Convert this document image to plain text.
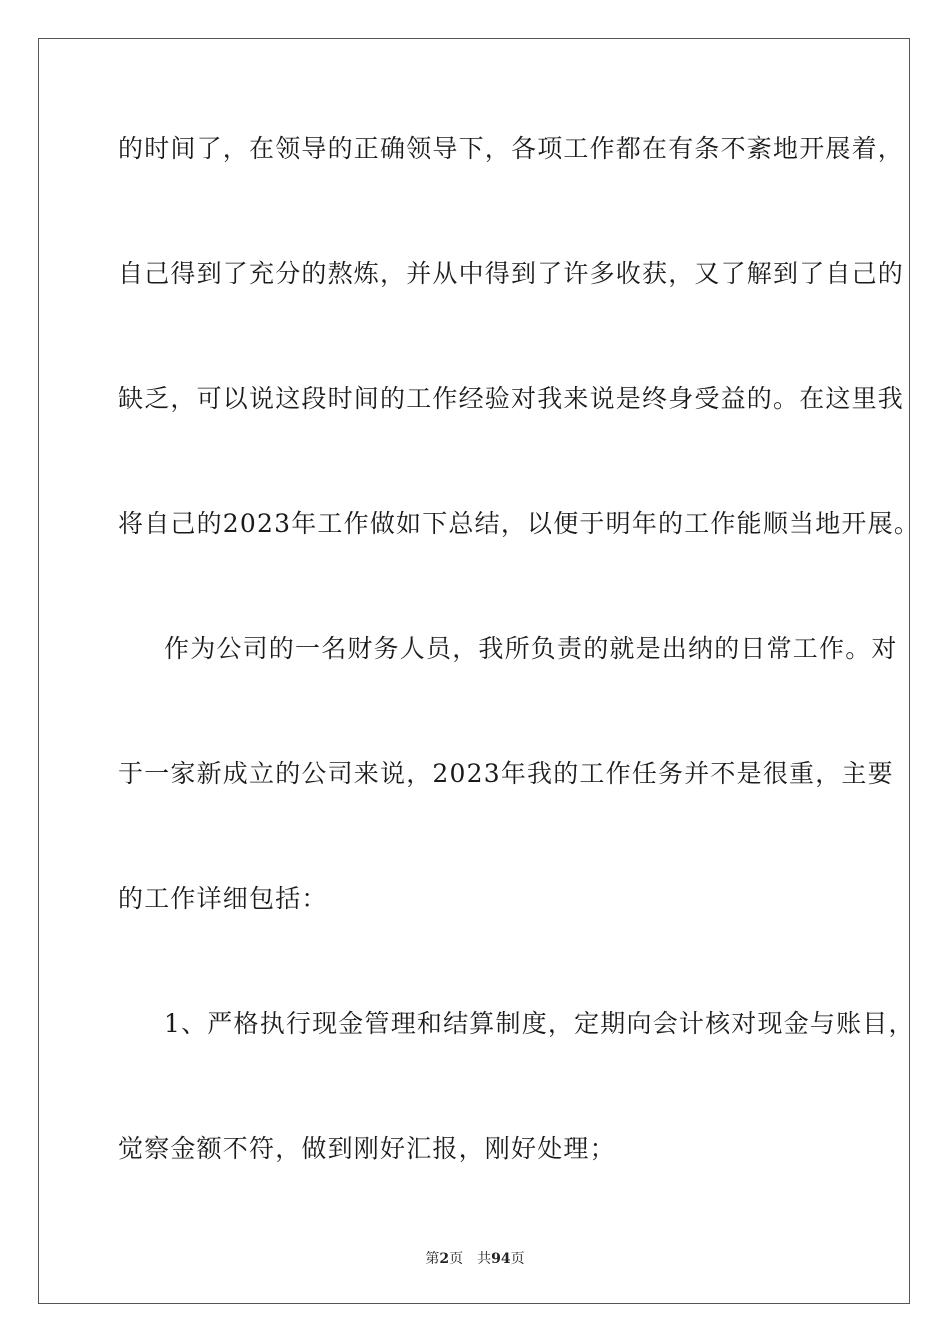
的时间了，在领导的正确领导下，各项工作都在有条不紊地开展着，
自己得到了充分的熬炼，并从中得到了许多收获，又了解到了自己的
缺乏，可以说这段时间的工作经验对我来说是终身受益的。在这里我
将自己的2023年工作做如下总结，以便于明年的工作能顺当地开展。
作为公司的一名财务人员，我所负责的就是出纳的日常工作。对
于一家新成立的公司来说，2023年我的工作任务并不是很重，主要
的工作详细包括：
1、严格执行现金管理和结算制度，定期向会计核对现金与账目，
觉察金额不符，做到刚好汇报，刚好处理；
第2页 共94页
